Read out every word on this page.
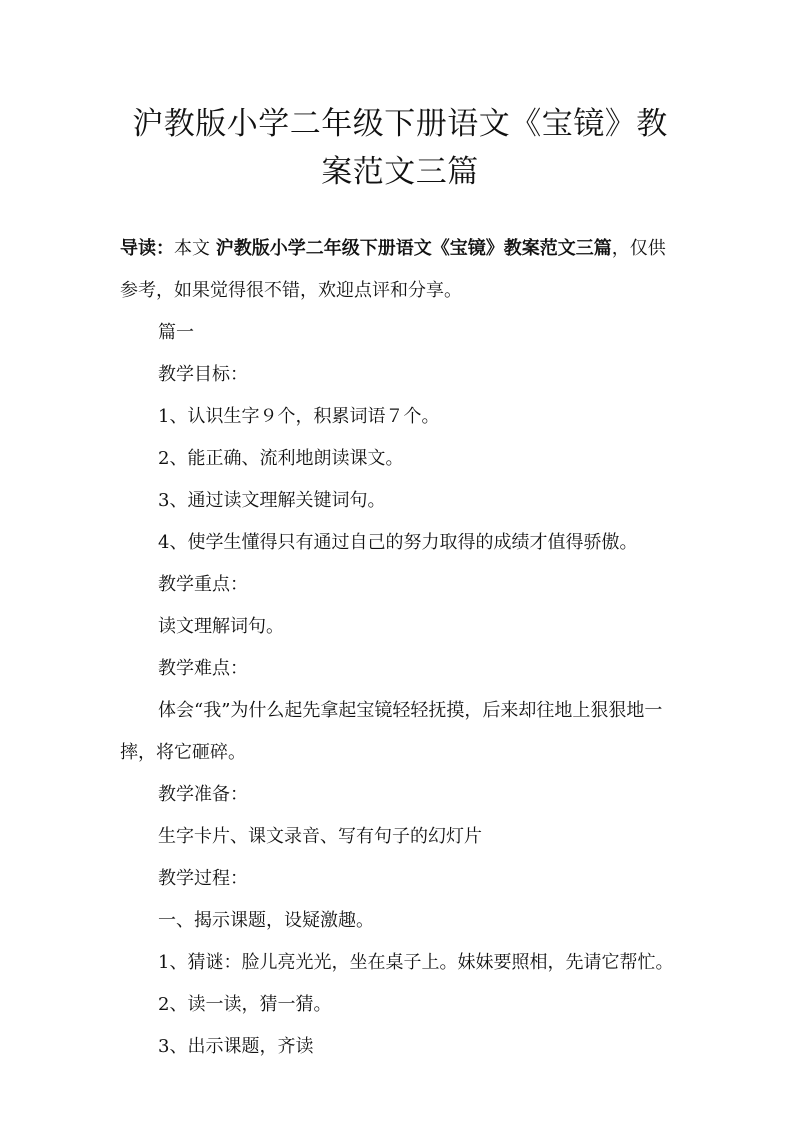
沪教版小学二年级下册语文《宝镜》教案范文三篇
导读：本文 沪教版小学二年级下册语文《宝镜》教案范文三篇，仅供参考，如果觉得很不错，欢迎点评和分享。
篇一
教学目标：
1、认识生字９个，积累词语７个。
2、能正确、流利地朗读课文。
3、通过读文理解关键词句。
4、使学生懂得只有通过自己的努力取得的成绩才值得骄傲。
教学重点：
读文理解词句。
教学难点：
体会“我”为什么起先拿起宝镜轻轻抚摸，后来却往地上狠狠地一摔，将它砸碎。
教学准备：
生字卡片、课文录音、写有句子的幻灯片
教学过程：
一、揭示课题，设疑激趣。
1、猜谜：脸儿亮光光，坐在桌子上。妹妹要照相，先请它帮忙。
2、读一读，猜一猜。
3、出示课题，齐读
